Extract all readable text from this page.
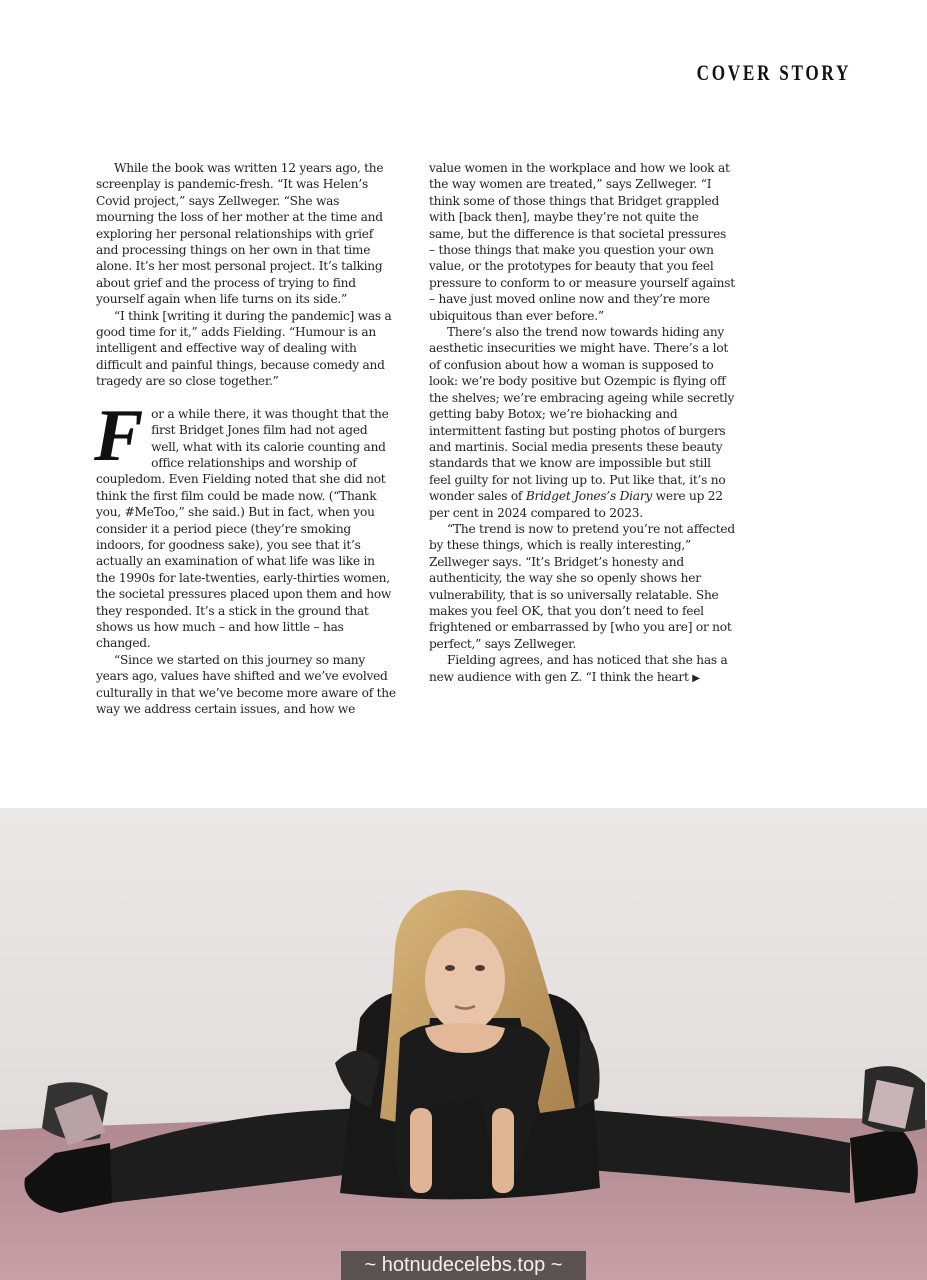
COVER STORY

While the book was written 12 years ago, the screenplay is pandemic-fresh. “It was Helen’s Covid project,” says Zellweger. “She was mourning the loss of her mother at the time and exploring her personal relationships with grief and processing things on her own in that time alone. It’s her most personal project. It’s talking about grief and the process of trying to find yourself again when life turns on its side.”

“I think [writing it during the pandemic] was a good time for it,” adds Fielding. “Humour is an intelligent and effective way of dealing with difficult and painful things, because comedy and tragedy are so close together.”

For a while there, it was thought that the first Bridget Jones film had not aged well, what with its calorie counting and office relationships and worship of coupledom. Even Fielding noted that she did not think the first film could be made now. (“Thank you, #MeToo,” she said.) But in fact, when you consider it a period piece (they’re smoking indoors, for goodness sake), you see that it’s actually an examination of what life was like in the 1990s for late-twenties, early-thirties women, the societal pressures placed upon them and how they responded. It’s a stick in the ground that shows us how much – and how little – has changed.

“Since we started on this journey so many years ago, values have shifted and we’ve evolved culturally in that we’ve become more aware of the way we address certain issues, and how we

value women in the workplace and how we look at the way women are treated,” says Zellweger. “I think some of those things that Bridget grappled with [back then], maybe they’re not quite the same, but the difference is that societal pressures – those things that make you question your own value, or the prototypes for beauty that you feel pressure to conform to or measure yourself against – have just moved online now and they’re more ubiquitous than ever before.”

There’s also the trend now towards hiding any aesthetic insecurities we might have. There’s a lot of confusion about how a woman is supposed to look: we’re body positive but Ozempic is flying off the shelves; we’re embracing ageing while secretly getting baby Botox; we’re biohacking and intermittent fasting but posting photos of burgers and martinis. Social media presents these beauty standards that we know are impossible but still feel guilty for not living up to. Put like that, it’s no wonder sales of Bridget Jones’s Diary were up 22 per cent in 2024 compared to 2023.

“The trend is now to pretend you’re not affected by these things, which is really interesting,” Zellweger says. “It’s Bridget’s honesty and authenticity, the way she so openly shows her vulnerability, that is so universally relatable. She makes you feel OK, that you don’t need to feel frightened or embarrassed by [who you are] or not perfect,” says Zellweger.

Fielding agrees, and has noticed that she has a new audience with gen Z. “I think the heart ▶

~ hotnudecelebs.top ~
